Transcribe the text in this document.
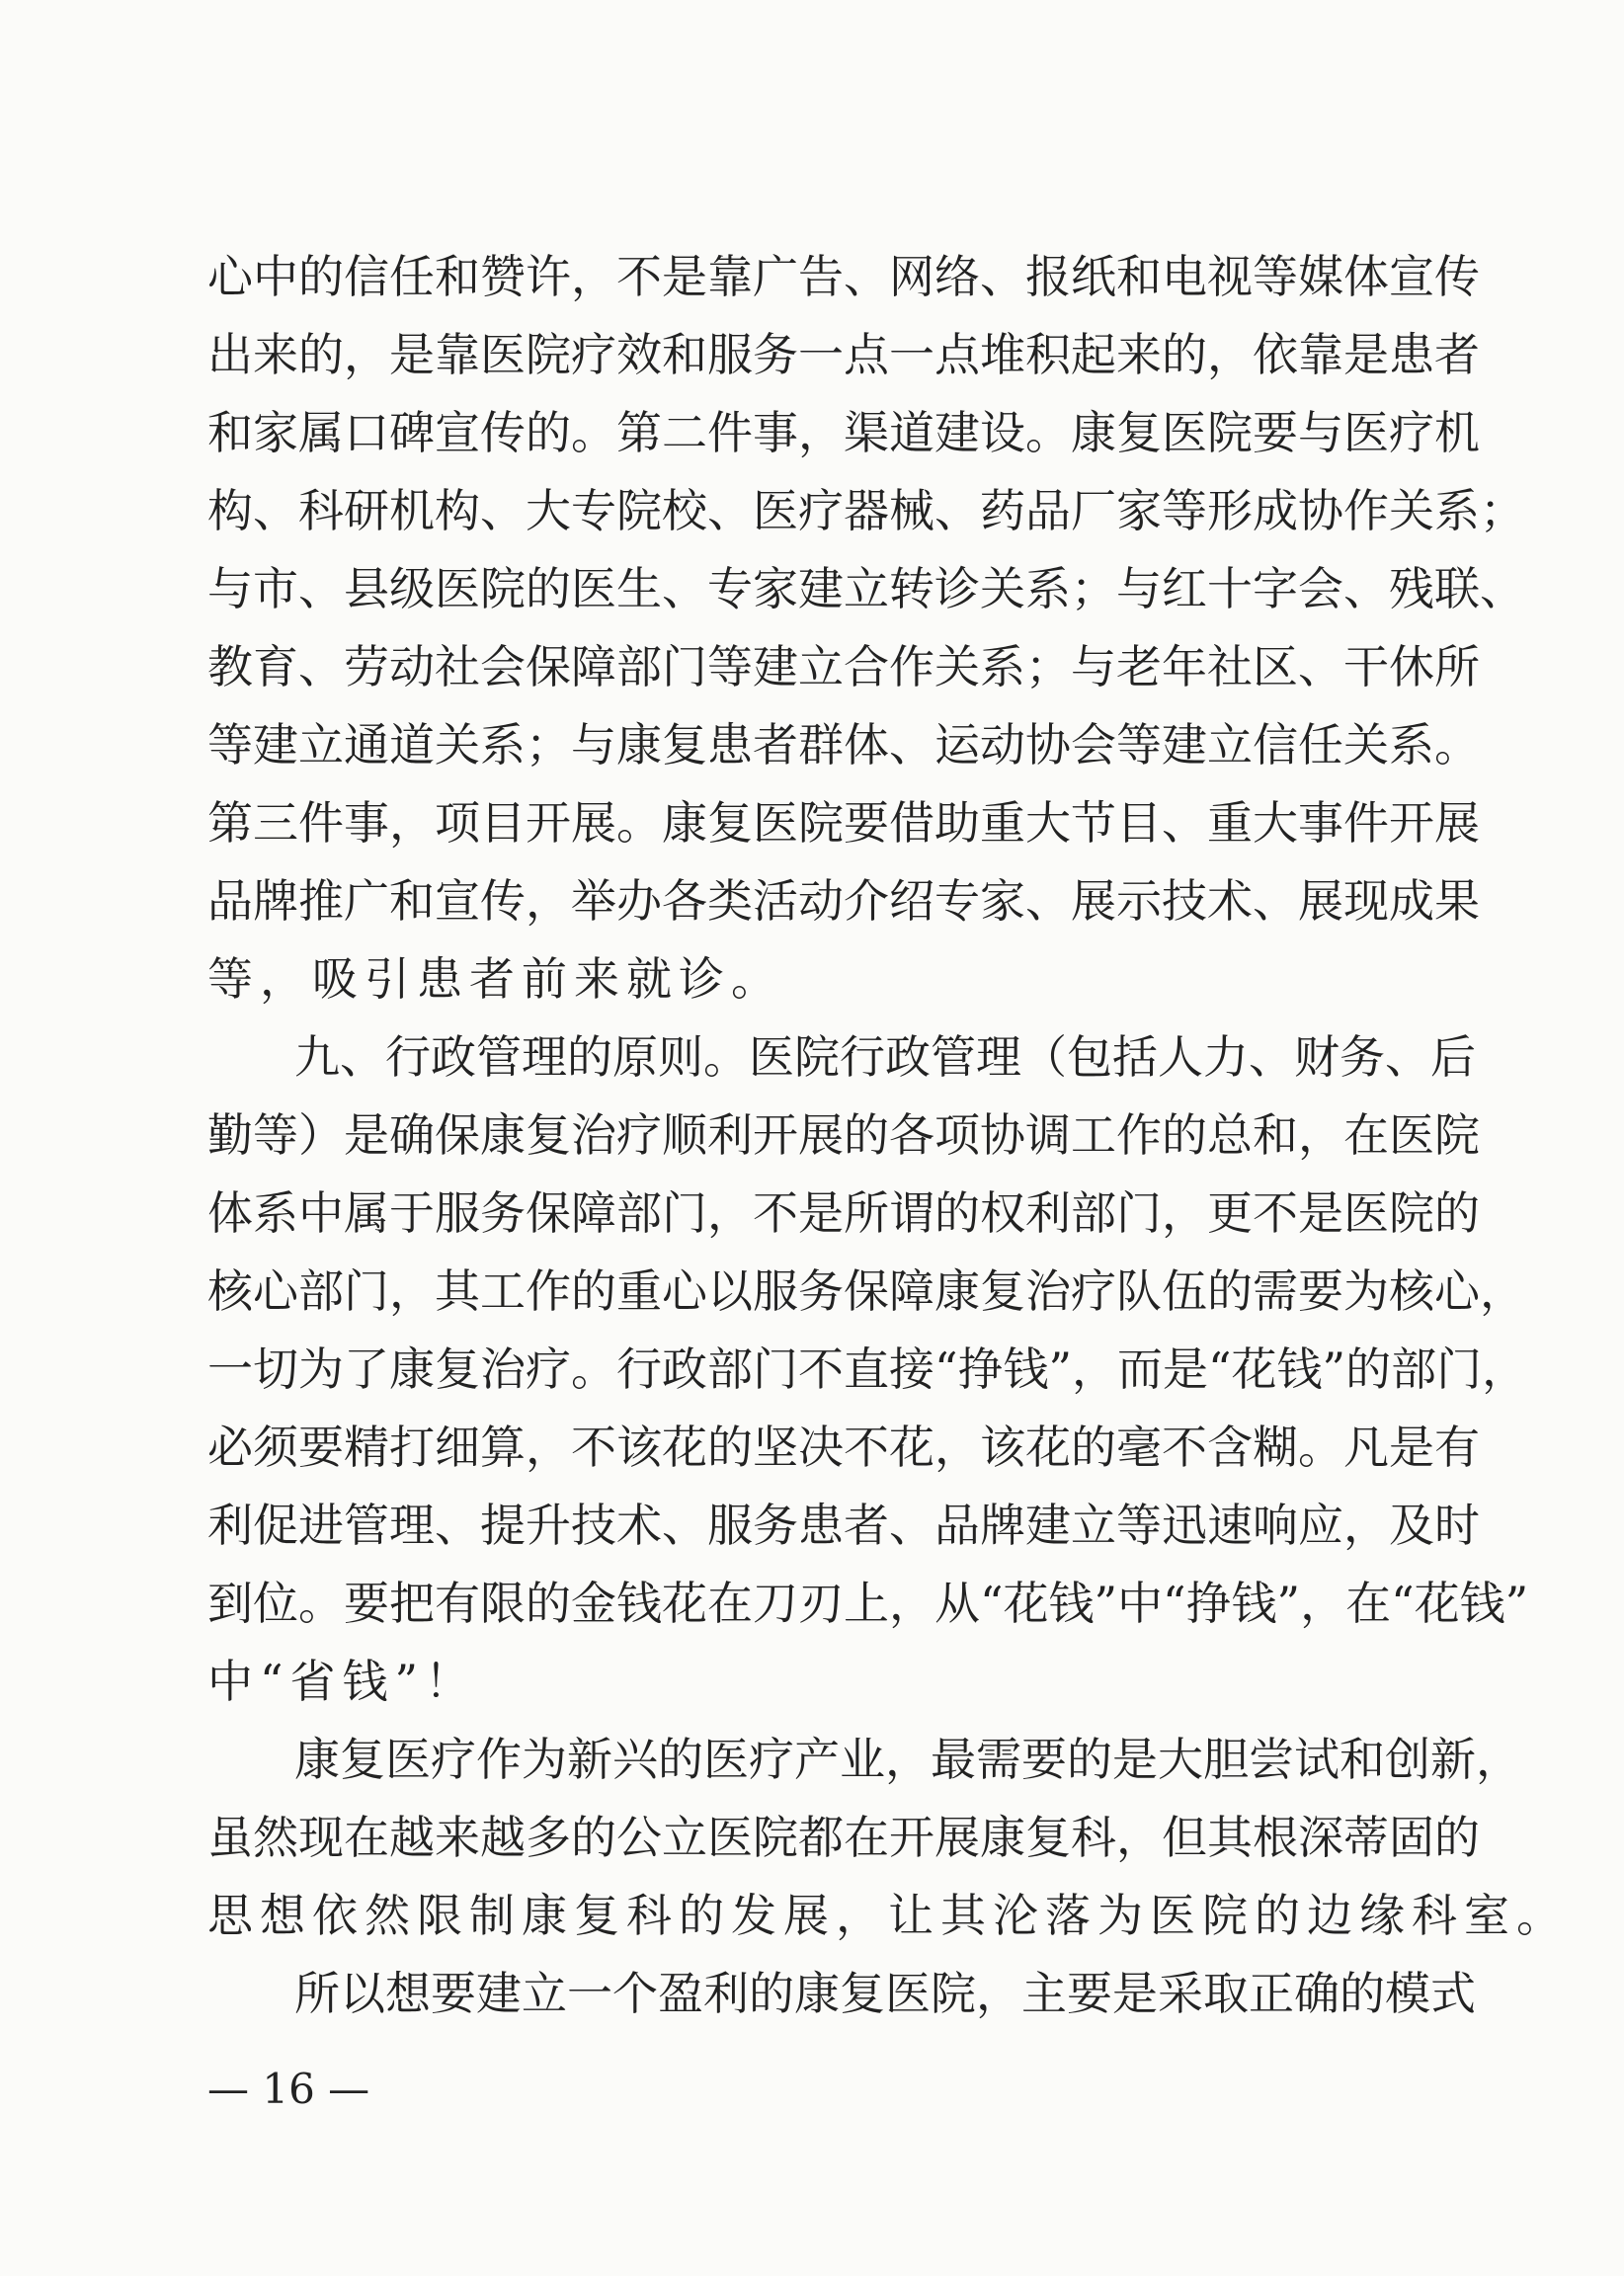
心中的信任和赞许，不是靠广告、网络、报纸和电视等媒体宣传
出来的，是靠医院疗效和服务一点一点堆积起来的，依靠是患者
和家属口碑宣传的。第二件事，渠道建设。康复医院要与医疗机
构、科研机构、大专院校、医疗器械、药品厂家等形成协作关系；
与市、县级医院的医生、专家建立转诊关系；与红十字会、残联、
教育、劳动社会保障部门等建立合作关系；与老年社区、干休所
等建立通道关系；与康复患者群体、运动协会等建立信任关系。
第三件事，项目开展。康复医院要借助重大节目、重大事件开展
品牌推广和宣传，举办各类活动介绍专家、展示技术、展现成果
等，吸引患者前来就诊。
九、行政管理的原则。医院行政管理（包括人力、财务、后
勤等）是确保康复治疗顺利开展的各项协调工作的总和，在医院
体系中属于服务保障部门，不是所谓的权利部门，更不是医院的
核心部门，其工作的重心以服务保障康复治疗队伍的需要为核心，
一切为了康复治疗。行政部门不直接“挣钱”，而是“花钱”的部门，
必须要精打细算，不该花的坚决不花，该花的毫不含糊。凡是有
利促进管理、提升技术、服务患者、品牌建立等迅速响应，及时
到位。要把有限的金钱花在刀刃上，从“花钱”中“挣钱”，在“花钱”
中“省钱”！
康复医疗作为新兴的医疗产业，最需要的是大胆尝试和创新，
虽然现在越来越多的公立医院都在开展康复科，但其根深蒂固的
思想依然限制康复科的发展，让其沦落为医院的边缘科室。
所以想要建立一个盈利的康复医院，主要是采取正确的模式
— 16 —
